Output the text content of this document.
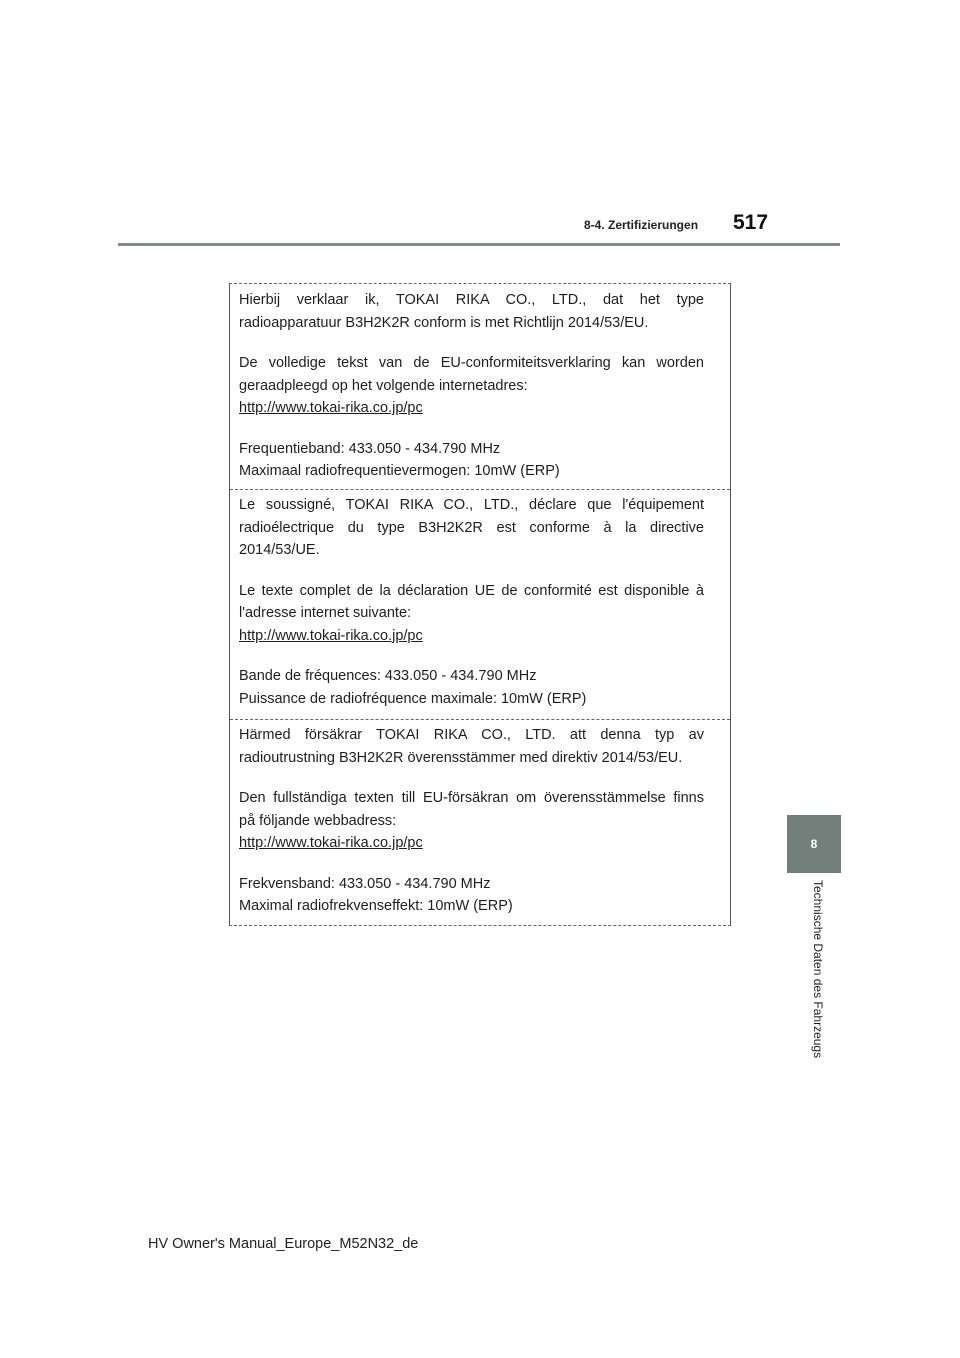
8-4. Zertifizierungen 517
8
Technische Daten des Fahrzeugs

Hierbij verklaar ik, TOKAI RIKA CO., LTD., dat het type

radioapparatuur B3H2K2R conform is met Richtlijn 2014/53/EU.

De volledige tekst van de EU-conformiteitsverklaring kan worden

geraadpleegd op het volgende internetadres:

http://www.tokai-rika.co.jp/pc

Frequentieband: 433.050 - 434.790 MHz

Maximaal radiofrequentievermogen: 10mW (ERP)

Le soussigné, TOKAI RIKA CO., LTD., déclare que l'équipement

radioélectrique du type B3H2K2R est conforme à la directive

2014/53/UE.

Le texte complet de la déclaration UE de conformité est disponible à

l'adresse internet suivante:

http://www.tokai-rika.co.jp/pc

Bande de fréquences: 433.050 - 434.790 MHz

Puissance de radiofréquence maximale: 10mW (ERP)

Härmed försäkrar TOKAI RIKA CO., LTD. att denna typ av

radioutrustning B3H2K2R överensstämmer med direktiv 2014/53/EU.

Den fullständiga texten till EU-försäkran om överensstämmelse finns

på följande webbadress:

http://www.tokai-rika.co.jp/pc

Frekvensband: 433.050 - 434.790 MHz

Maximal radiofrekvenseffekt: 10mW (ERP)

HV Owner's Manual_Europe_M52N32_de
